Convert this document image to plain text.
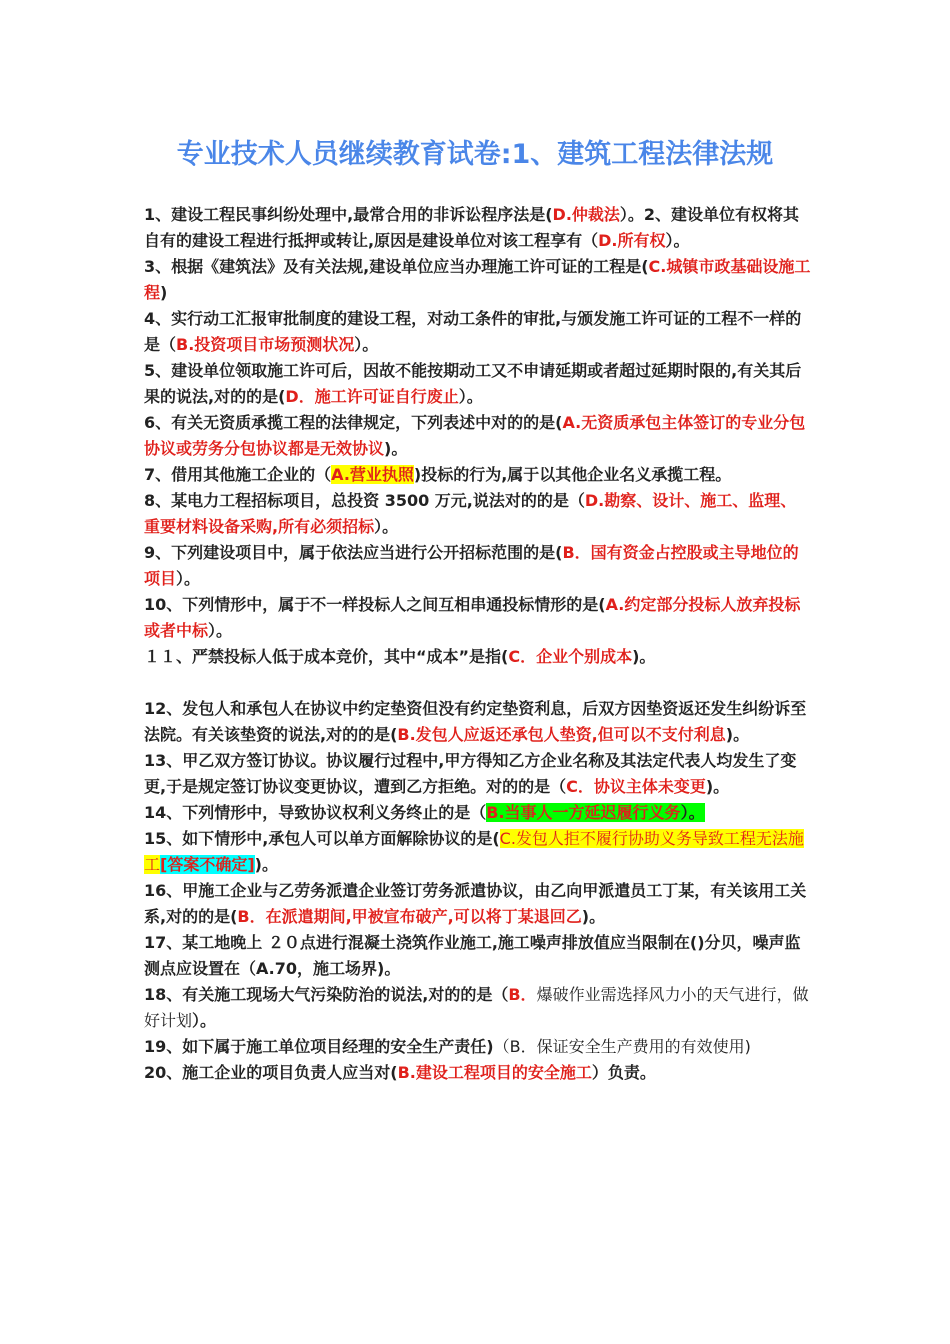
专业技术人员继续教育试卷:1、建筑工程法律法规

1、建设工程民事纠纷处理中,最常合用的非诉讼程序法是(D.仲裁法）。2、建设单位有权将其自有的建设工程进行抵押或转让,原因是建设单位对该工程享有（D.所有权）。

3、根据《建筑法》及有关法规,建设单位应当办理施工许可证的工程是(C.城镇市政基础设施工程)

4、实行动工汇报审批制度的建设工程，对动工条件的审批,与颁发施工许可证的工程不一样的是（B.投资项目市场预测状况）。

5、建设单位领取施工许可后，因故不能按期动工又不申请延期或者超过延期时限的,有关其后果的说法,对的的是(D．施工许可证自行废止）。

6、有关无资质承揽工程的法律规定，下列表述中对的的是(A.无资质承包主体签订的专业分包协议或劳务分包协议都是无效协议)。

7、借用其他施工企业的（A.营业执照)投标的行为,属于以其他企业名义承揽工程。

8、某电力工程招标项目，总投资 3500 万元,说法对的的是（D.勘察、设计、施工、监理、重要材料设备采购,所有必须招标）。

9、下列建设项目中，属于依法应当进行公开招标范围的是(B．国有资金占控股或主导地位的项目）。

10、下列情形中，属于不一样投标人之间互相串通投标情形的是(A.约定部分投标人放弃投标或者中标）。

１１、严禁投标人低于成本竞价，其中“成本”是指(C．企业个别成本)。

12、发包人和承包人在协议中约定垫资但没有约定垫资利息，后双方因垫资返还发生纠纷诉至法院。有关该垫资的说法,对的的是(B.发包人应返还承包人垫资,但可以不支付利息)。

13、甲乙双方签订协议。协议履行过程中,甲方得知乙方企业名称及其法定代表人均发生了变更,于是规定签订协议变更协议，遭到乙方拒绝。对的的是（C．协议主体未变更)。

14、下列情形中，导致协议权利义务终止的是（B.当事人一方延迟履行义务）。

15、如下情形中,承包人可以单方面解除协议的是(C.发包人拒不履行协助义务导致工程无法施工[答案不确定])。

16、甲施工企业与乙劳务派遣企业签订劳务派遣协议，由乙向甲派遣员工丁某，有关该用工关系,对的的是(B．在派遣期间,甲被宣布破产,可以将丁某退回乙)。

17、某工地晚上 ２０点进行混凝土浇筑作业施工,施工噪声排放值应当限制在()分贝，噪声监测点应设置在（A.70，施工场界)。

18、有关施工现场大气污染防治的说法,对的的是（B．爆破作业需选择风力小的天气进行，做好计划）。

19、如下属于施工单位项目经理的安全生产责任)（B．保证安全生产费用的有效使用)

20、施工企业的项目负责人应当对(B.建设工程项目的安全施工）负责。
